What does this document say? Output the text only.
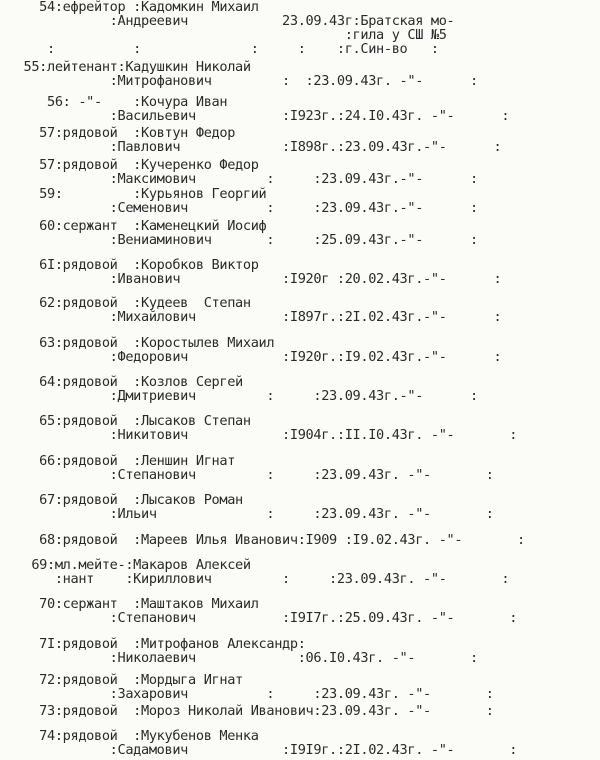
54:ефрейтор :Кадомкин Михаил
:Андреевич            23.09.43г:Братская мо-
:гила у СШ №5
:          :              :     :    :г.Син-во   :
55:лейтенант:Кадушкин Николай
:Митрофанович         :  :23.09.43г. -"-      :
56: -"-    :Кочура Иван
:Васильевич           :I923г.:24.I0.43г. -"-      :
57:рядовой  :Ковтун Федор
:Павлович             :I898г.:23.09.43г.-"-      :
57:рядовой  :Кучеренко Федор
:Максимович         :     :23.09.43г.-"-      :
59:         :Курьянов Георгий
:Семенович          :     :23.09.43г.-"-      :
60:сержант  :Каменецкий Иосиф
:Вениаминович       :     :25.09.43г.-"-      :
6I:рядовой  :Коробков Виктор
:Иванович             :I920г :20.02.43г.-"-      :
62:рядовой  :Кудеев  Степан
:Михайлович           :I897г.:2I.02.43г.-"-      :
63:рядовой  :Коростылев Михаил
:Федорович            :I920г.:I9.02.43г.-"-      :
64:рядовой  :Козлов Сергей
:Дмитриевич         :     :23.09.43г.-"-      :
65:рядовой  :Лысаков Степан
:Никитович            :I904г.:II.I0.43г. -"-       :
66:рядовой  :Леншин Игнат
:Степанович         :     :23.09.43г. -"-       :
67:рядовой  :Лысаков Роман
:Ильич              :     :23.09.43г. -"-       :
68:рядовой  :Мареев Илья Иванович:I909 :I9.02.43г. -"-       :
69:мл.мейте-:Макаров Алексей
:нант    :Кириллович         :     :23.09.43г. -"-       :
70:сержант  :Маштаков Михаил
:Степанович           :I9I7г.:25.09.43г. -"-       :
7I:рядовой  :Митрофанов Александр:
:Николаевич             :06.I0.43г. -"-       :
72:рядовой  :Мордыга Игнат
:Захарович          :     :23.09.43г. -"-       :
73:рядовой  :Мороз Николай Иванович:23.09.43г. -"-       :
74:рядовой  :Мукубенов Менка
:Садамович            :I9I9г.:2I.02.43г. -"-       :
